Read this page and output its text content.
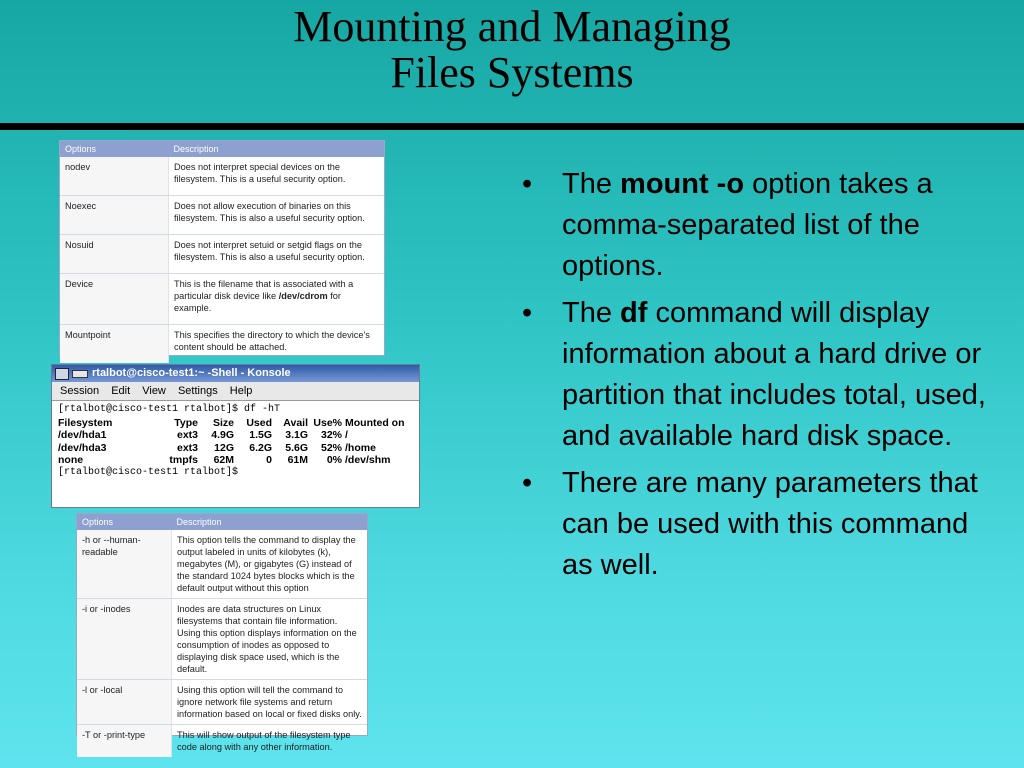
Mounting and Managing
Files Systems
Options	Description
nodev	Does not interpret special devices on the filesystem. This is a useful security option.
Noexec	Does not allow execution of binaries on this filesystem. This is also a useful security option.
Nosuid	Does not interpret setuid or setgid flags on the filesystem. This is also a useful security option.
Device	This is the filename that is associated with a particular disk device like /dev/cdrom for example.
Mountpoint	This specifies the directory to which the device's content should be attached.
rtalbot@cisco-test1:~ -Shell - Konsole
Session Edit View Settings Help
[rtalbot@cisco-test1 rtalbot]$ df -hT
Filesystem	Type	Size	Used	Avail Use% Mounted on
/dev/hda1	ext3	4.9G	1.5G	3.1G	32% /
/dev/hda3	ext3	12G	6.2G	5.6G	52% /home
none	tmpfs	62M	0	61M	0% /dev/shm
[rtalbot@cisco-test1 rtalbot]$
Options	Description
-h or --human-readable	This option tells the command to display the output labeled in units of kilobytes (k), megabytes (M), or gigabytes (G) instead of the standard 1024 bytes blocks which is the default output without this option
-i or -inodes	Inodes are data structures on Linux filesystems that contain file information. Using this option displays information on the consumption of inodes as opposed to displaying disk space used, which is the default.
-l or -local	Using this option will tell the command to ignore network file systems and return information based on local or fixed disks only.
-T or -print-type	This will show output of the filesystem type code along with any other information.
•	The mount -o option takes a comma-separated list of the options.
•	The df command will display information about a hard drive or partition that includes total, used, and available hard disk space.
•	There are many parameters that can be used with this command as well.
